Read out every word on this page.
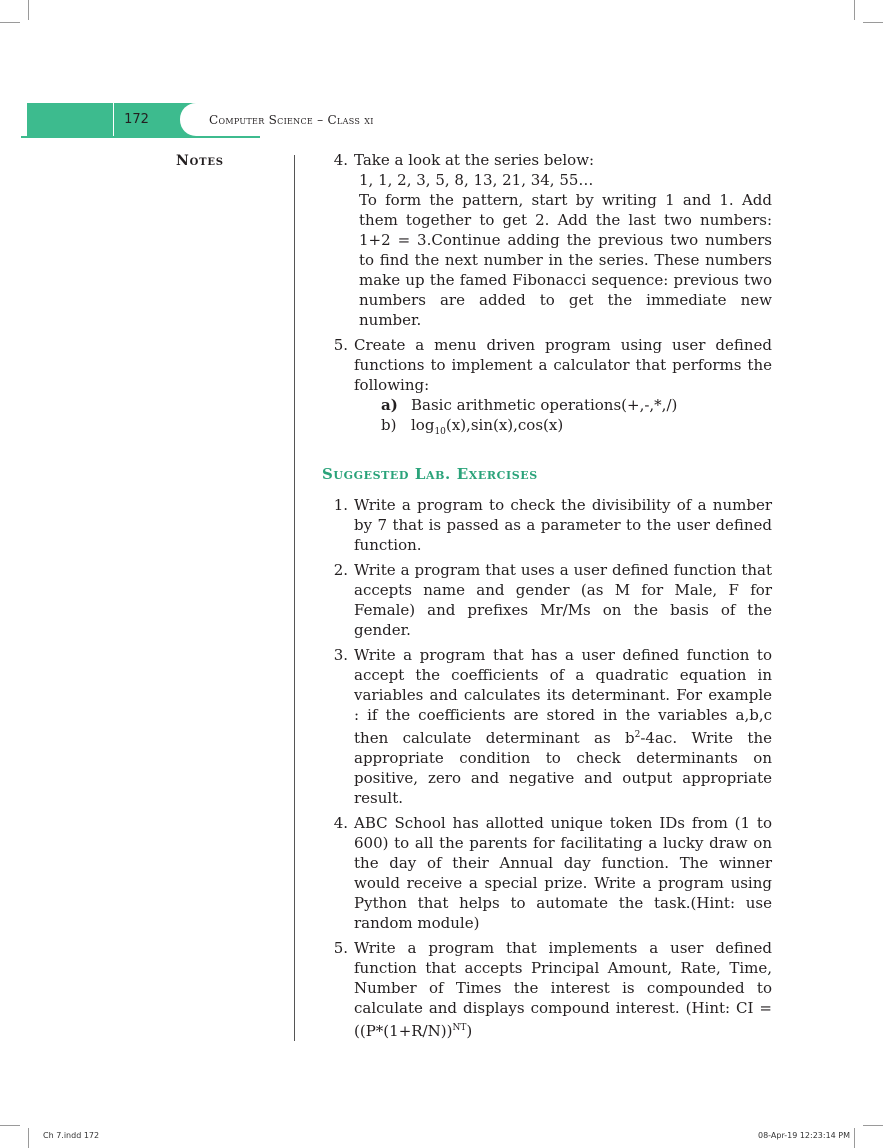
172	Computer Science – Class xi
Notes	4. Take a look at the series below:
1, 1, 2, 3, 5, 8, 13, 21, 34, 55…
To form the pattern, start by writing 1 and 1. Add them together to get 2. Add the last two numbers: 1+2 = 3.Continue adding the previous two numbers to find the next number in the series. These numbers make up the famed Fibonacci sequence: previous two numbers are added to get the immediate new number.
5. Create a menu driven program using user defined functions to implement a calculator that performs the following:
a) Basic arithmetic operations(+,-,*,/)
b) $\log_{10}(x),\sin(x),\cos(x)$
Suggested Lab. Exercises
1. Write a program to check the divisibility of a number by 7 that is passed as a parameter to the user defined function.
2. Write a program that uses a user defined function that accepts name and gender (as M for Male, F for Female) and prefixes Mr/Ms on the basis of the gender.
3. Write a program that has a user defined function to accept the coefficients of a quadratic equation in variables and calculates its determinant. For example : if the coefficients are stored in the variables a,b,c then calculate determinant as $b^2-4ac$. Write the appropriate condition to check determinants on positive, zero and negative and output appropriate result.
4. ABC School has allotted unique token IDs from (1 to 600) to all the parents for facilitating a lucky draw on the day of their Annual day function. The winner would receive a special prize. Write a program using Python that helps to automate the task.(Hint: use random module)
5. Write a program that implements a user defined function that accepts Principal Amount, Rate, Time, Number of Times the interest is compounded to calculate and displays compound interest. (Hint: CI = $((P*(1+R/N))^{NT})$
Ch 7.indd 172	08-Apr-19 12:23:14 PM
